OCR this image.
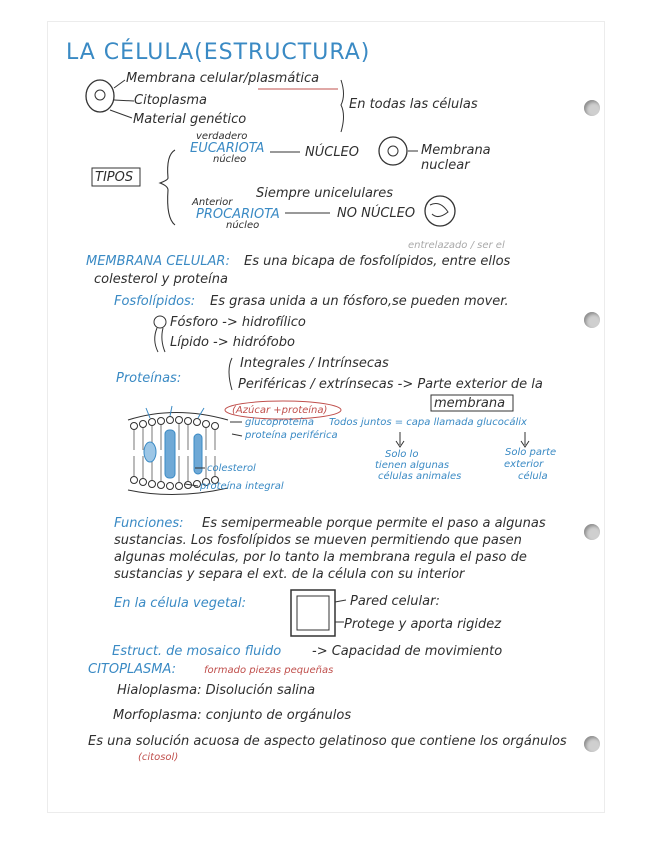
LA CÉLULA(ESTRUCTURA)
Membrana celular/plasmática
Citoplasma
Material genético
En todas las células
TIPOS
verdadero
EUCARIOTA
núcleo	NÚCLEO	Membrana nuclear
Anterior
Siempre unicelulares
PROCARIOTA
núcleo
NO NÚCLEO
entrelazado / ser el
MEMBRANA CELULAR: Es una bicapa de fosfolípidos, entre ellos
colesterol y proteína
Fosfolípidos: Es grasa unida a un fósforo,se pueden mover.
Fósforo -> hidrofílico
Lípido -> hidrófobo
Proteínas:
Integrales / Intrínsecas
Periféricas / extrínsecas -> Parte exterior de la
membrana
(Azúcar +proteína)
glucoproteína Todos juntos = capa llamada glucocálix
proteína periférica
colesterol
proteína integral
Solo lo
tienen algunas
células animales
Solo parte
exterior
célula
Funciones: Es semipermeable porque permite el paso a algunas
sustancias. Los fosfolípidos se mueven permitiendo que pasen
algunas moléculas, por lo tanto la membrana regula el paso de
sustancias y separa el ext. de la célula con su interior
En la célula vegetal:	Pared celular:
Protege y aporta rigidez
Estruct. de mosaico fluido -> Capacidad de movimiento
CITOPLASMA:	formado piezas pequeñas
Hialoplasma: Disolución salina
Morfoplasma: conjunto de orgánulos
Es una solución acuosa de aspecto gelatinoso que contiene los orgánulos
(citosol)
